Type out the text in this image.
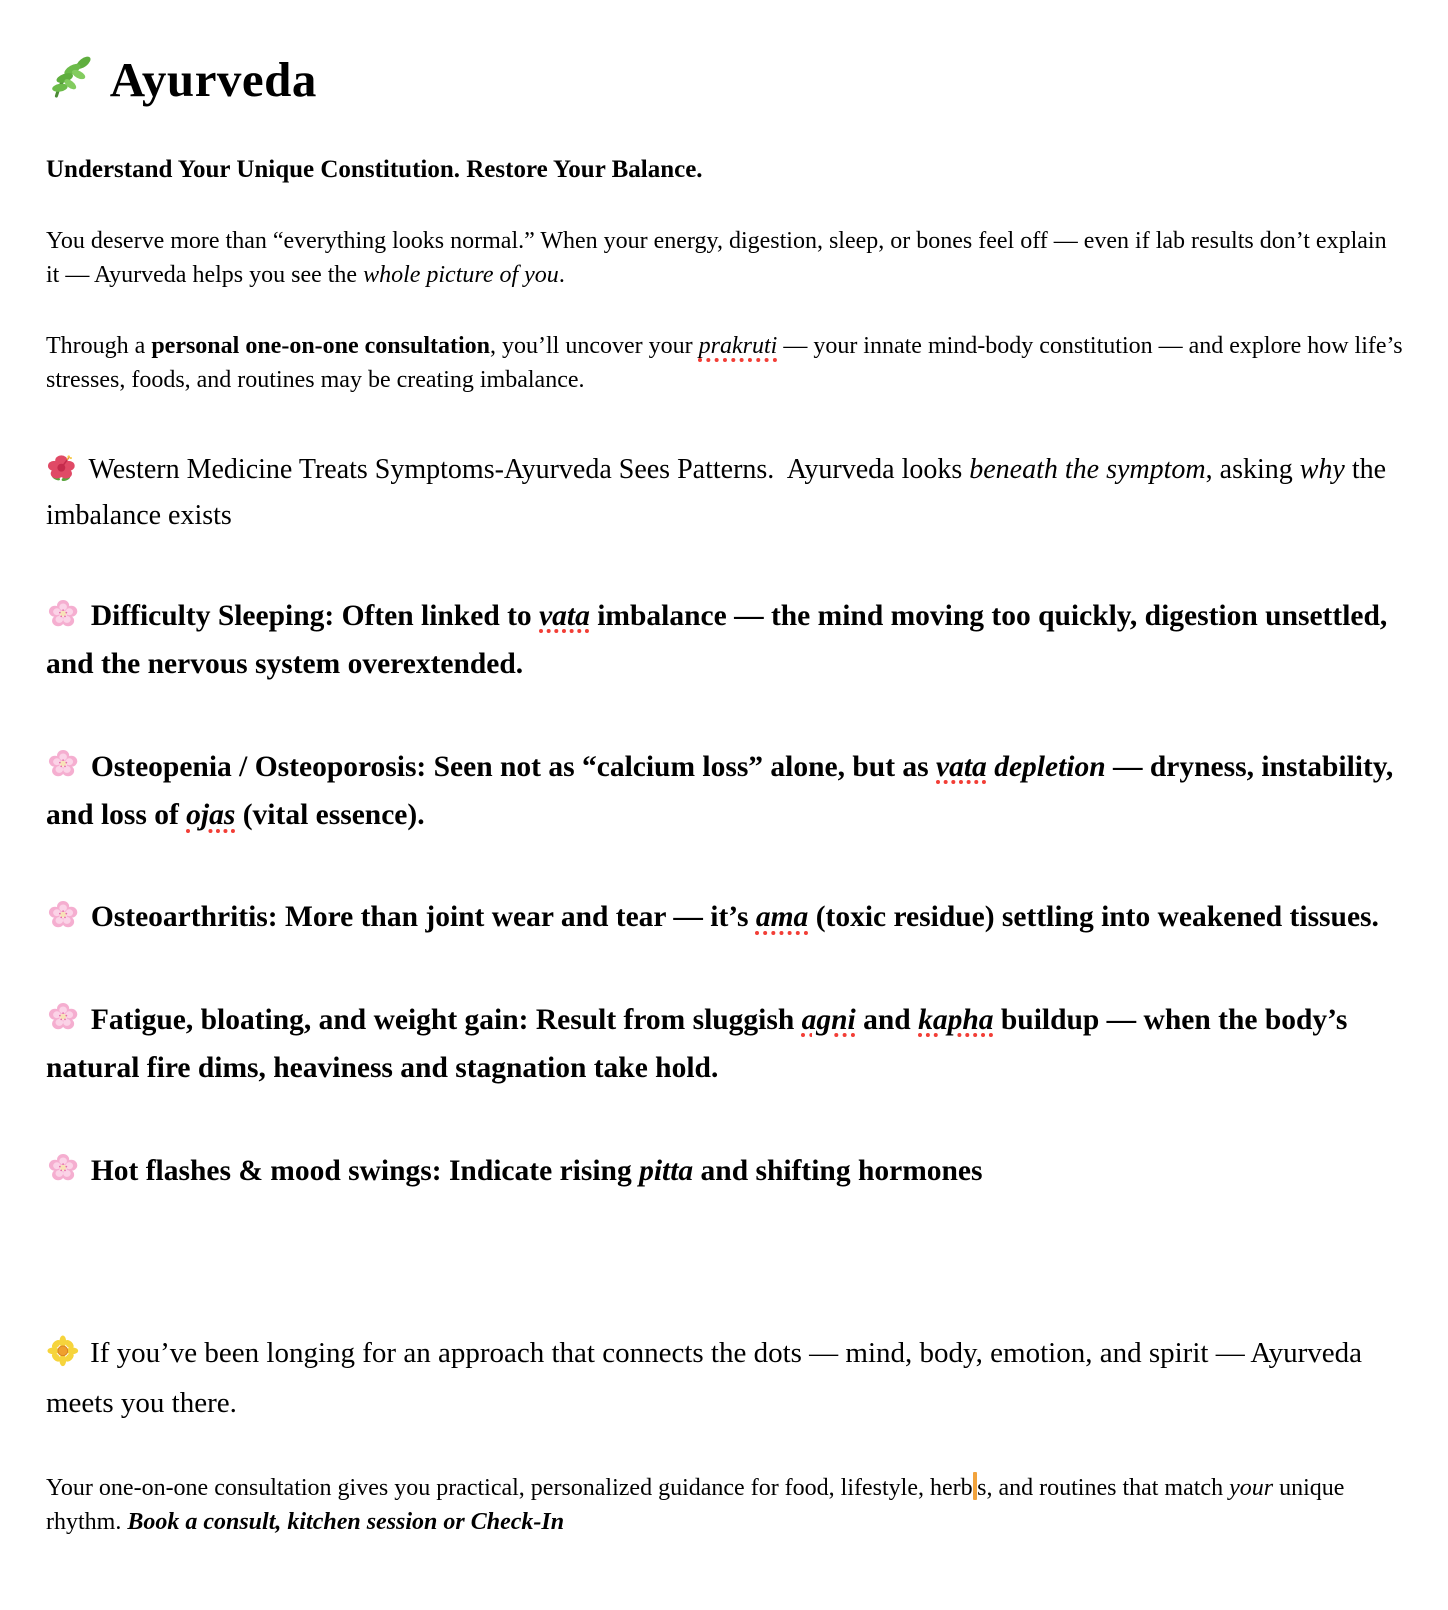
Ayurveda

Understand Your Unique Constitution. Restore Your Balance.

You deserve more than “everything looks normal.” When your energy, digestion, sleep, or bones feel off — even if lab results don’t explain it — Ayurveda helps you see the whole picture of you.
Through a personal one-on-one consultation, you’ll uncover your prakruti — your innate mind-body constitution — and explore how life’s stresses, foods, and routines may be creating imbalance.
Western Medicine Treats Symptoms-Ayurveda Sees Patterns.  Ayurveda looks beneath the symptom, asking why the imbalance exists
Difficulty Sleeping: Often linked to vata imbalance — the mind moving too quickly, digestion unsettled, and the nervous system overextended.
Osteopenia / Osteoporosis: Seen not as “calcium loss” alone, but as vata depletion — dryness, instability, and loss of ojas (vital essence).
Osteoarthritis: More than joint wear and tear — it’s ama (toxic residue) settling into weakened tissues.
Fatigue, bloating, and weight gain: Result from sluggish agni and kapha buildup — when the body’s natural fire dims, heaviness and stagnation take hold.
Hot flashes & mood swings: Indicate rising pitta and shifting hormones
If you’ve been longing for an approach that connects the dots — mind, body, emotion, and spirit — Ayurveda meets you there.
Your one-on-one consultation gives you practical, personalized guidance for food, lifestyle, herb s, and routines that match your unique rhythm. Book a consult, kitchen session or Check-In
